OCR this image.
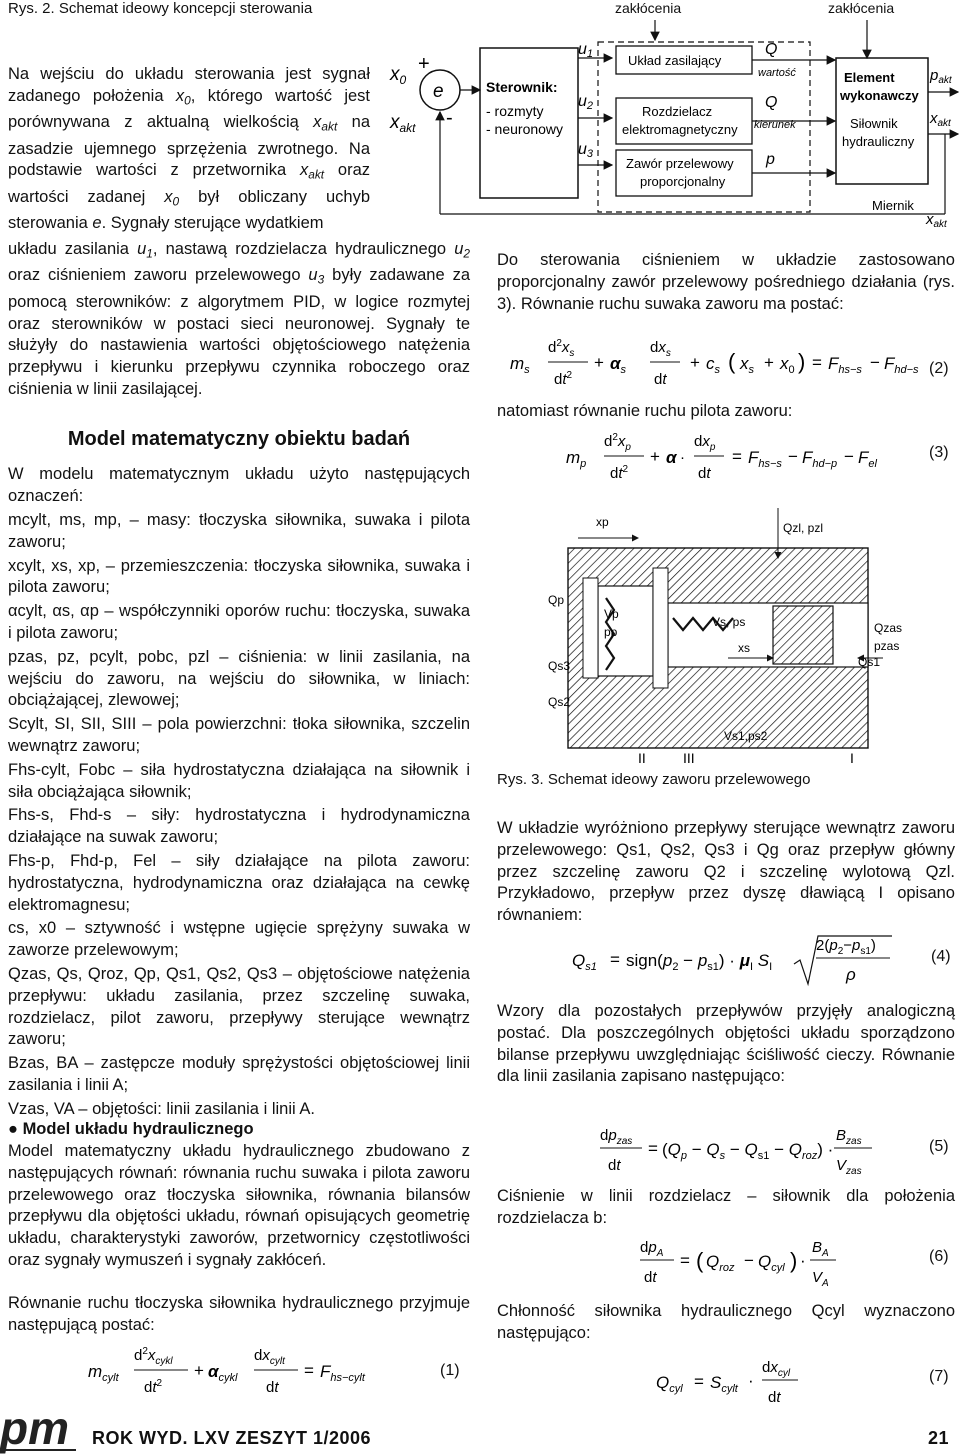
Rys. 2. Schemat ideowy koncepcji sterowania	zakłócenia	zakłócenia
$x_0$
+
$x_{akt}$ -
e	Sterownik:
- rozmyty
- neuronowy
u1
u2
u3
Układ zasilający
Rozdzielacz
elektromagnetyczny
Zawór przelewowy
proporcjonalny
Q
wartość
Q
kierunek
p
Element
wykonawczy
Siłownik
hydrauliczny
$p_{akt}$
$x_{akt}$
Miernik
$x_{akt}$
Na wejściu do układu sterowania jest sygnał zadanego położenia $x_0$, którego wartość jest porównywana z aktualną wielkością $x_{akt}$ na zasadzie ujemnego sprzężenia zwrotnego. Na podstawie wartości z przetwornika $x_{akt}$ oraz wartości zadanej $x_0$ był obliczany uchyb sterowania e. Sygnały sterujące wydatkiem
układu zasilania $u_1$, nastawą rozdzielacza hydraulicznego $u_2$ oraz ciśnieniem zaworu przelewowego $u_3$ były zadawane za pomocą sterowników: z algorytmem PID, w logice rozmytej oraz sterowników w postaci sieci neuronowej. Sygnały te służyły do nastawienia wartości objętościowego natężenia przepływu i kierunku przepływu czynnika roboczego oraz ciśnienia w linii zasilającej.
Model matematyczny obiektu badań
W modelu matematycznym układu użyto następujących oznaczeń:

mcylt, ms, mp, – masy: tłoczyska siłownika, suwaka i pilota zaworu;

xcylt, xs, xp, – przemieszczenia: tłoczyska siłownika, suwaka i pilota zaworu;

αcylt, αs, αp – współczynniki oporów ruchu: tłoczyska, suwaka i pilota zaworu;

pzas, pz, pcylt, pobc, pzl – ciśnienia: w linii zasilania, na wejściu do zaworu, na wejściu do siłownika, w liniach: obciążającej, zlewowej;

Scylt, SI, SII, SIII – pola powierzchni: tłoka siłownika, szczelin wewnątrz zaworu;

Fhs-cylt, Fobc – siła hydrostatyczna działająca na siłownik i siła obciążająca siłownik;

Fhs-s, Fhd-s – siły: hydrostatyczna i hydrodynamiczna działające na suwak zaworu;

Fhs-p, Fhd-p, Fel – siły działające na pilota zaworu: hydrostatyczna, hydrodynamiczna oraz działająca na cewkę elektromagnesu;

cs, x0 – sztywność i wstępne ugięcie sprężyny suwaka w zaworze przelewowym;

Qzas, Qs, Qroz, Qp, Qs1, Qs2, Qs3 – objętościowe natężenia przepływu: układu zasilania, przez szczelinę suwaka, rozdzielacz, pilot zaworu, przepływy sterujące wewnątrz zaworu;

Bzas, BA – zastępcze moduły sprężystości objętościowej linii zasilania i linii A;

Vzas, VA – objętości: linii zasilania i linii A.

● Model układu hydraulicznego
Model matematyczny układu hydraulicznego zbudowano z następujących równań: równania ruchu suwaka i pilota zaworu przelewowego oraz tłoczyska siłownika, równania bilansów przepływu dla objętości układu, równań opisujących geometrię układu, charakterystyki zaworów, przetwornicy częstotliwości oraz sygnały wymuszeń i sygnały zakłóceń.
Równanie ruchu tłoczyska siłownika hydraulicznego przyjmuje następującą postać:
$m_{cylt}$
$d^2x_{cykl}$
$dt^2$
+ $\alpha_{cykl}$
$dx_{cylt}$
dt
= $F_{hs-cylt}$	(1)
Do sterowania ciśnieniem w układzie zastosowano proporcjonalny zawór przelewowy pośredniego działania (rys. 3). Równanie ruchu suwaka zaworu ma postać:
$m_s$
$d^2x_s$
$dt^2$
+ $\alpha_s$
$dx_s$
dt
+ $c_s$ ( $x_s + x_0$ ) = $F_{hs-s} - F_{hd-s}$ (2)
natomiast równanie ruchu pilota zaworu:
$m_p$
$d^2x_p$
$dt^2$
+ α ·
$dx_p$
dt
= $F_{hs-s} - F_{hd-p} - F_{el}$
(3)
xp	Qzl, pzl
Vp
pp
Vs, ps
xs
Qp
Qs3
Qs2
Qzas
pzas
Qs1
Vs1,ps2
II	III	I
Rys. 3. Schemat ideowy zaworu przelewowego
W układzie wyróżniono przepływy sterujące wewnątrz zaworu przelewowego: Qs1, Qs2, Qs3 i Qg oraz przepływ główny przez szczelinę zaworu Q2 i szczelinę wylotową Qzl. Przykładowo, przepływ przez dyszę dławiącą I opisano równaniem:
$Q_{s1}$ = $sign(p_2 - p_{s1}) \cdot \mu_I$ $S_I$
$2(p_2-p_{s1})$
ρ
(4)
Wzory dla pozostałych przepływów przyjęły analogiczną postać. Dla poszczególnych objętości układu sporządzono bilanse przepływu uwzględniając ściśliwość cieczy. Równanie dla linii zasilania zapisano następująco:
$dp_{zas}$
dt
= $(Q_p - Q_s - Q_{s1} - Q_{roz})$ ·
$B_{zas}$
$V_{zas}$
(5)
Ciśnienie w linii rozdzielacz – siłownik dla położenia rozdzielacza b:
$dp_A$
dt
= ( $Q_{roz} - Q_{cyl}$ ) ·
$B_A$
$V_A$
(6)
Chłonność siłownika hydraulicznego Qcyl wyznaczono następująco:
$Q_{cyl} = S_{cylt}$ ·
$dx_{cyl}$
dt
(7)
pm ROK WYD. LXV ZESZYT 1/2006	21
